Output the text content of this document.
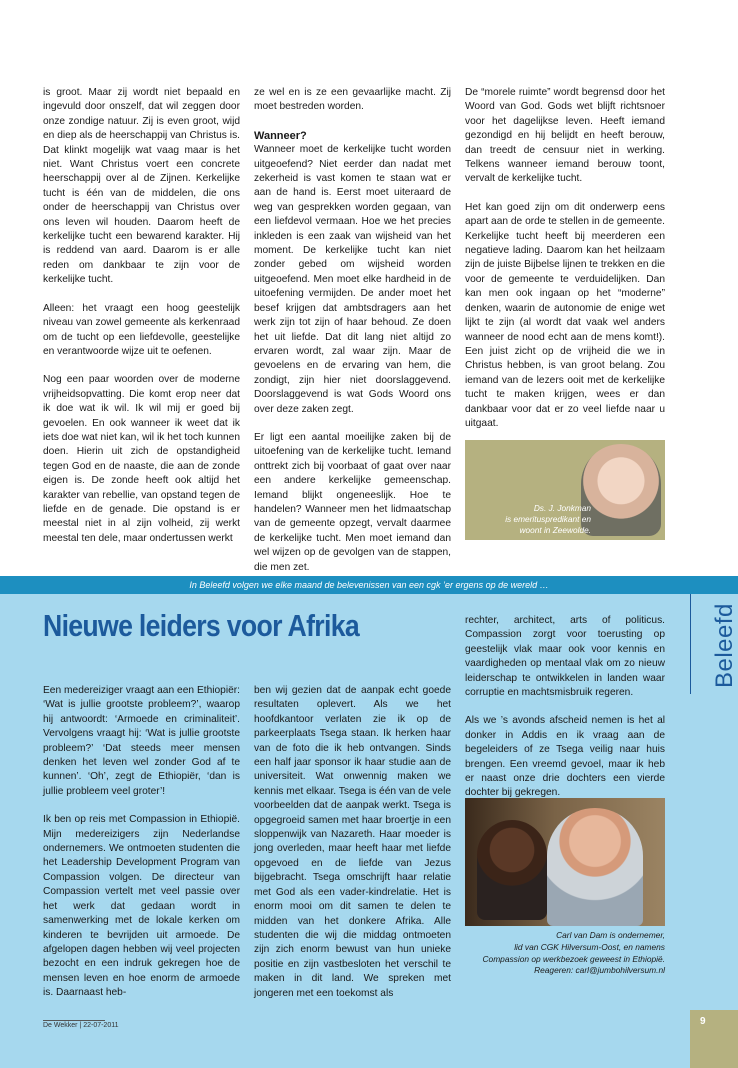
is groot. Maar zij wordt niet bepaald en ingevuld door onszelf, dat wil zeggen door onze zondige natuur. Zij is even groot, wijd en diep als de heerschappij van Christus is. Dat klinkt mogelijk wat vaag maar is het niet. Want Christus voert een concrete heerschappij over al de Zijnen. Kerkelijke tucht is één van de middelen, die ons onder de heerschappij van Christus over ons leven wil houden. Daarom heeft de kerkelijke tucht een bewarend karakter. Hij is reddend van aard. Daarom is er alle reden om dankbaar te zijn voor de kerkelijke tucht.

Alleen: het vraagt een hoog geestelijk niveau van zowel gemeente als kerkenraad om de tucht op een liefdevolle, geestelijke en verantwoorde wijze uit te oefenen.

Nog een paar woorden over de moderne vrijheidsopvatting. Die komt erop neer dat ik doe wat ik wil. Ik wil mij er goed bij gevoelen. En ook wanneer ik weet dat ik iets doe wat niet kan, wil ik het toch kunnen doen. Hierin uit zich de opstandigheid tegen God en de naaste, die aan de zonde eigen is. De zonde heeft ook altijd het karakter van rebellie, van opstand tegen de liefde en de genade. Die opstand is er meestal niet in al zijn volheid, zij werkt meestal ten dele, maar ondertussen werkt

ze wel en is ze een gevaarlijke macht. Zij moet bestreden worden.

Wanneer?

Wanneer moet de kerkelijke tucht worden uitgeoefend? Niet eerder dan nadat met zekerheid is vast komen te staan wat er aan de hand is. Eerst moet uiteraard de weg van gesprekken worden gegaan, van een liefdevol vermaan. Hoe we het precies inkleden is een zaak van wijsheid van het moment. De kerkelijke tucht kan niet zonder gebed om wijsheid worden uitgeoefend. Men moet elke hardheid in de uitoefening vermijden. De ander moet het besef krijgen dat ambtsdragers aan het werk zijn tot zijn of haar behoud. Ze doen het uit liefde. Dat dit lang niet altijd zo ervaren wordt, zal waar zijn. Maar de gevoelens en de ervaring van hem, die zondigt, zijn hier niet doorslaggevend. Doorslaggevend is wat Gods Woord ons over deze zaken zegt.

Er ligt een aantal moeilijke zaken bij de uitoefening van de kerkelijke tucht. Iemand onttrekt zich bij voorbaat of gaat over naar een andere kerkelijke gemeenschap. Iemand blijkt ongeneeslijk. Hoe te handelen? Wanneer men het lidmaatschap van de gemeente opzegt, vervalt daarmee de kerkelijke tucht. Men moet iemand dan wel wijzen op de gevolgen van de stappen, die men zet.

De “morele ruimte” wordt begrensd door het Woord van God. Gods wet blijft richtsnoer voor het dagelijkse leven. Heeft iemand gezondigd en hij belijdt en heeft berouw, dan treedt de censuur niet in werking. Telkens wanneer iemand berouw toont, vervalt de kerkelijke tucht.

Het kan goed zijn om dit onderwerp eens apart aan de orde te stellen in de gemeente. Kerkelijke tucht heeft bij meerderen een negatieve lading. Daarom kan het heilzaam zijn de juiste Bijbelse lijnen te trekken en die voor de gemeente te verduidelijken. Dan kan men ook ingaan op het “moderne” denken, waarin de autonomie de enige wet lijkt te zijn (al wordt dat vaak wel anders wanneer de nood echt aan de mens komt!). Een juist zicht op de vrijheid die we in Christus hebben, is van groot belang. Zou iemand van de lezers ooit met de kerkelijke tucht te maken krijgen, wees er dan dankbaar voor dat er zo veel liefde naar u uitgaat.

Ds. J. Jonkman
is emerituspredikant en
woont in Zeewolde.
In Beleefd volgen we elke maand de belevenissen van een cgk ’er ergens op de wereld …
Beleefd
Nieuwe leiders voor Afrika

Een medereiziger vraagt aan een Ethiopiër: ‘Wat is jullie grootste probleem?’, waarop hij antwoordt: ‘Armoede en criminaliteit’. Vervolgens vraagt hij: ‘Wat is jullie grootste probleem?’ ‘Dat steeds meer mensen denken het leven wel zonder God af te kunnen’. ‘Oh’, zegt de Ethiopiër, ‘dan is jullie probleem veel groter’!

Ik ben op reis met Compassion in Ethiopië. Mijn medereizigers zijn Nederlandse ondernemers. We ontmoeten studenten die het Leadership Development Program van Compassion volgen. De directeur van Compassion vertelt met veel passie over het werk dat gedaan wordt in samenwerking met de lokale kerken om kinderen te bevrijden uit armoede. De afgelopen dagen hebben wij veel projecten bezocht en een indruk gekregen hoe de mensen leven en hoe enorm de armoede is. Daarnaast heb-

ben wij gezien dat de aanpak echt goede resultaten oplevert. Als we het hoofdkantoor verlaten zie ik op de parkeerplaats Tsega staan. Ik herken haar van de foto die ik heb ontvangen. Sinds een half jaar sponsor ik haar studie aan de universiteit. Wat onwennig maken we kennis met elkaar. Tsega is één van de vele voorbeelden dat de aanpak werkt. Tsega is opgegroeid samen met haar broertje in een sloppenwijk van Nazareth. Haar moeder is jong overleden, maar heeft haar met liefde opgevoed en de liefde van Jezus bijgebracht. Tsega omschrijft haar relatie met God als een vader-kindrelatie. Het is enorm mooi om dit samen te delen te midden van het donkere Afrika. Alle studenten die wij die middag ontmoeten zijn zich enorm bewust van hun unieke positie en zijn vastbesloten het verschil te maken in dit land. We spreken met jongeren met een toekomst als

rechter, architect, arts of politicus. Compassion zorgt voor toerusting op geestelijk vlak maar ook voor kennis en vaardigheden op mentaal vlak om zo nieuw leiderschap te ontwikkelen in landen waar corruptie en machtsmisbruik regeren.

Als we ’s avonds afscheid nemen is het al donker in Addis en ik vraag aan de begeleiders of ze Tsega veilig naar huis brengen. Een vreemd gevoel, maar ik heb er naast onze drie dochters een vierde dochter bij gekregen.

Carl van Dam is ondernemer,
lid van CGK Hilversum-Oost, en namens
Compassion op werkbezoek geweest in Ethiopië.
Reageren: carl@jumbohilversum.nl
De Wekker | 22-07-2011	9
